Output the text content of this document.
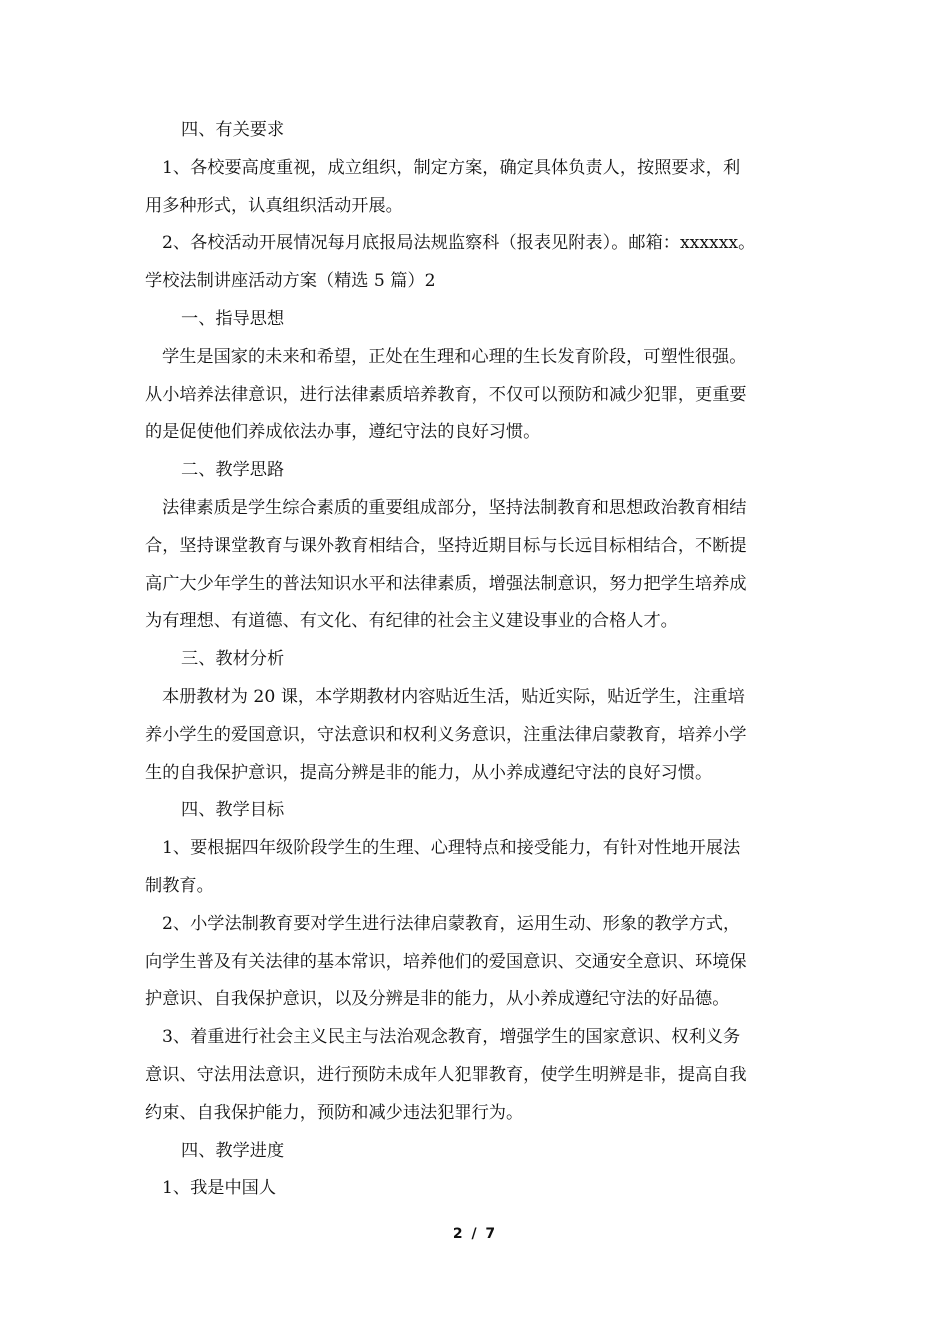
四、有关要求
1、各校要高度重视，成立组织，制定方案，确定具体负责人，按照要求，利
用多种形式，认真组织活动开展。
2、各校活动开展情况每月底报局法规监察科（报表见附表）。邮箱：xxxxxx。
学校法制讲座活动方案（精选 5 篇）2
一、指导思想
学生是国家的未来和希望，正处在生理和心理的生长发育阶段，可塑性很强。
从小培养法律意识，进行法律素质培养教育，不仅可以预防和减少犯罪，更重要
的是促使他们养成依法办事，遵纪守法的良好习惯。
二、教学思路
法律素质是学生综合素质的重要组成部分，坚持法制教育和思想政治教育相结
合，坚持课堂教育与课外教育相结合，坚持近期目标与长远目标相结合，不断提
高广大少年学生的普法知识水平和法律素质，增强法制意识，努力把学生培养成
为有理想、有道德、有文化、有纪律的社会主义建设事业的合格人才。
三、教材分析
本册教材为 20 课，本学期教材内容贴近生活，贴近实际，贴近学生，注重培
养小学生的爱国意识，守法意识和权利义务意识，注重法律启蒙教育，培养小学
生的自我保护意识，提高分辨是非的能力，从小养成遵纪守法的良好习惯。
四、教学目标
1、要根据四年级阶段学生的生理、心理特点和接受能力，有针对性地开展法
制教育。
2、小学法制教育要对学生进行法律启蒙教育，运用生动、形象的教学方式，
向学生普及有关法律的基本常识，培养他们的爱国意识、交通安全意识、环境保
护意识、自我保护意识，以及分辨是非的能力，从小养成遵纪守法的好品德。
3、着重进行社会主义民主与法治观念教育，增强学生的国家意识、权利义务
意识、守法用法意识，进行预防未成年人犯罪教育，使学生明辨是非，提高自我
约束、自我保护能力，预防和减少违法犯罪行为。
四、教学进度
1、我是中国人
2 / 7
